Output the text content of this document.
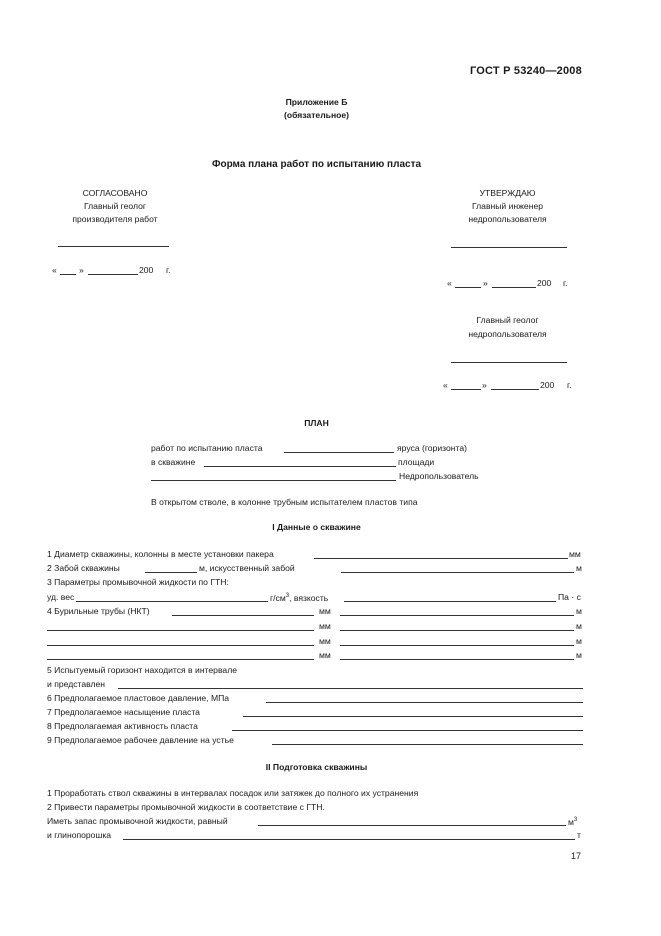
ГОСТ Р 53240—2008
Приложение Б
(обязательное)
Форма плана работ по испытанию пласта
СОГЛАСОВАНО
Главный геолог
производителя работ
«	»	200 г.
УТВЕРЖДАЮ
Главный инженер
недропользователя
«	»	200 г.
Главный геолог
недропользователя
«	»	200 г.
ПЛАН
работ по испытанию пласта	яруса (горизонта)
в скважине	площади
Недропользователь
В открытом стволе, в колонне трубным испытателем пластов типа
I Данные о скважине
1 Диаметр скважины, колонны в месте установки пакера	мм
2 Забой скважины	м, искусственный забой	м
3 Параметры промывочной жидкости по ГТН:
уд. вес	$г/см^3$, вязкость	Па · с
4 Бурильные трубы (НКТ)	мм	м
мм	м
мм	м
мм	м
5 Испытуемый горизонт находится в интервале
и представлен
6 Предполагаемое пластовое давление, МПа
7 Предполагаемое насыщение пласта
8 Предполагаемая активность пласта
9 Предполагаемое рабочее давление на устье
II Подготовка скважины
1 Проработать ствол скважины в интервалах посадок или затяжек до полного их устранения
2 Привести параметры промывочной жидкости в соответствие с ГТН.
Иметь запас промывочной жидкости, равный	$м^3$
и глинопорошка	т
17
